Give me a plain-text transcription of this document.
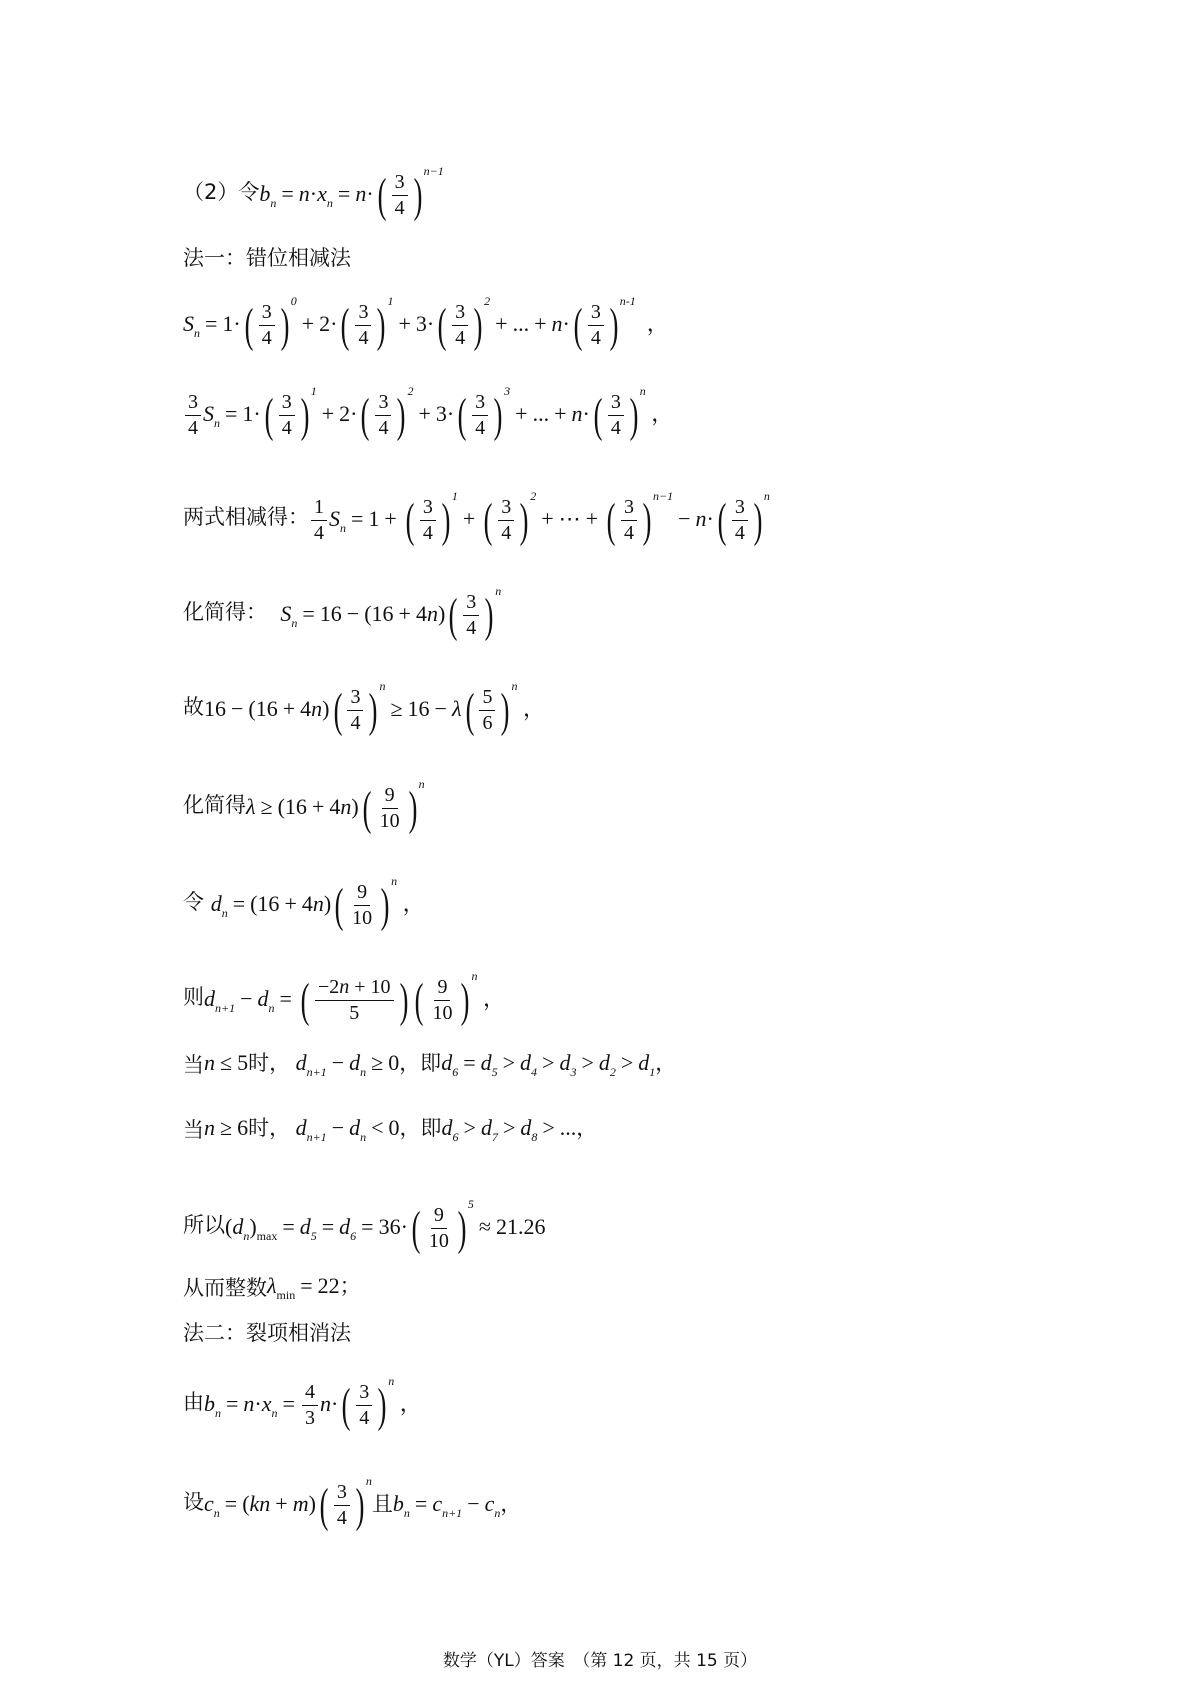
（2）令 $b_n = n\cdot x_n = n\cdot$ ( $\frac{3}{4}$ ) $^{n-1}$
法一：错位相减法
$S_n = 1\cdot$ ( $\frac{3}{4}$ ) $^0$+ 2· ( $\frac{3}{4}$ ) $^1$+ 3· ( $\frac{3}{4}$ ) $^2$+ ... + n· ( $\frac{3}{4}$ ) $^{n-1}$  ，
$\frac{3}{4} S_n = 1\cdot$ ( $\frac{3}{4}$ ) $^1$+ 2· ( $\frac{3}{4}$ ) $^2$+ 3· ( $\frac{3}{4}$ ) $^3$+ ... + n· ( $\frac{3}{4}$ ) $^n$ ，
两式相减得： $\frac{1}{4} S_n = 1$ + ( $\frac{3}{4}$ ) $^1$+ ( $\frac{3}{4}$ ) $^2$+ ⋯ + ( $\frac{3}{4}$ ) $^{n-1}$− n· ( $\frac{3}{4}$ ) $^n$
化简得：
$S_n = 16 - (16 + 4n)$ ( $\frac{3}{4}$ ) $^n$
故 16 − (16 + 4n) ( $\frac{3}{4}$ ) $^n$≥ 16 − λ ( $\frac{5}{6}$ ) $^n$ ，
化简得 λ ≥ (16 + 4n) ( $\frac{9}{10}$ ) $^n$
令
$d_n = (16 + 4n)$ ( $\frac{9}{10}$ ) $^n$ ，
则 $d_{n+1} - d_n$ = ( $\frac{-2n + 10}{5}$ ) ( $\frac{9}{10}$ ) $^n$ ，
当 n ≤ 5时， $d_{n+1} - d_n \ge 0$，即$d_6 = d_5 > d_4 > d_3 > d_2 > d_1$，
当 n ≥ 6时， $d_{n+1} - d_n < 0$，即$d_6 > d_7 > d_8$ > ...，
所以 $(d_n)_{max} = d_5 = d_6 = 36\cdot$ ( $\frac{9}{10}$ ) $^5$≈ 21.26
从而整数 $\lambda_{min} = 22$；
法二：裂项相消法
由 $b_n = n\cdot x_n = \frac{4}{3} n\cdot$ ( $\frac{3}{4}$ ) $^n$ ，
设 $c_n = (kn + m)$ ( $\frac{3}{4}$ ) $^n$且$b_n = c_{n+1} - c_n$，
数学（YL）答案　（第 12 页，共 15 页）
